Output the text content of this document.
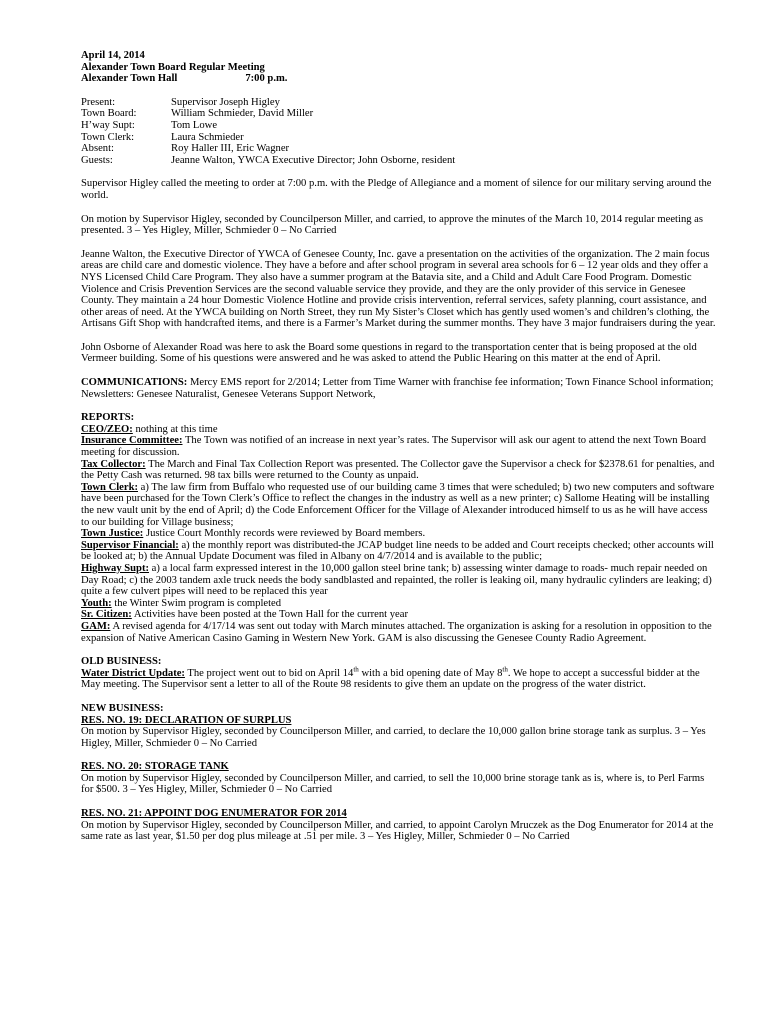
April 14, 2014

Alexander Town Board Regular Meeting

Alexander Town Hall	7:00 p.m.
Present:	Supervisor Joseph Higley
Town Board:	William Schmieder, David Miller
H’way Supt:	Tom Lowe
Town Clerk:	Laura Schmieder
Absent:	Roy Haller III, Eric Wagner
Guests:	Jeanne Walton, YWCA Executive Director; John Osborne, resident

Supervisor Higley called the meeting to order at 7:00 p.m. with the Pledge of Allegiance and a moment of silence for our military serving around the world.

On motion by Supervisor Higley, seconded by Councilperson Miller, and carried, to approve the minutes of the March 10, 2014 regular meeting as presented. 3 – Yes Higley, Miller, Schmieder 0 – No Carried

Jeanne Walton, the Executive Director of YWCA of Genesee County, Inc. gave a presentation on the activities of the organization. The 2 main focus areas are child care and domestic violence. They have a before and after school program in several area schools for 6 – 12 year olds and they offer a NYS Licensed Child Care Program. They also have a summer program at the Batavia site, and a Child and Adult Care Food Program. Domestic Violence and Crisis Prevention Services are the second valuable service they provide, and they are the only provider of this service in Genesee County. They maintain a 24 hour Domestic Violence Hotline and provide crisis intervention, referral services, safety planning, court assistance, and other areas of need. At the YWCA building on North Street, they run My Sister’s Closet which has gently used women’s and children’s clothing, the Artisans Gift Shop with handcrafted items, and there is a Farmer’s Market during the summer months. They have 3 major fundraisers during the year.

John Osborne of Alexander Road was here to ask the Board some questions in regard to the transportation center that is being proposed at the old Vermeer building. Some of his questions were answered and he was asked to attend the Public Hearing on this matter at the end of April.

COMMUNICATIONS: Mercy EMS report for 2/2014; Letter from Time Warner with franchise fee information; Town Finance School information; Newsletters: Genesee Naturalist, Genesee Veterans Support Network,

REPORTS:

CEO/ZEO: nothing at this time

Insurance Committee: The Town was notified of an increase in next year’s rates. The Supervisor will ask our agent to attend the next Town Board meeting for discussion.

Tax Collector: The March and Final Tax Collection Report was presented. The Collector gave the Supervisor a check for $2378.61 for penalties, and the Petty Cash was returned. 98 tax bills were returned to the County as unpaid.

Town Clerk: a) The law firm from Buffalo who requested use of our building came 3 times that were scheduled; b) two new computers and software have been purchased for the Town Clerk’s Office to reflect the changes in the industry as well as a new printer; c) Sallome Heating will be installing the new vault unit by the end of April; d) the Code Enforcement Officer for the Village of Alexander introduced himself to us as he will have access to our building for Village business;

Town Justice: Justice Court Monthly records were reviewed by Board members.

Supervisor Financial: a) the monthly report was distributed-the JCAP budget line needs to be added and Court receipts checked; other accounts will be looked at; b) the Annual Update Document was filed in Albany on 4/7/2014 and is available to the public;

Highway Supt: a) a local farm expressed interest in the 10,000 gallon steel brine tank; b) assessing winter damage to roads- much repair needed on Day Road; c) the 2003 tandem axle truck needs the body sandblasted and repainted, the roller is leaking oil, many hydraulic cylinders are leaking; d) quite a few culvert pipes will need to be replaced this year

Youth: the Winter Swim program is completed

Sr. Citizen: Activities have been posted at the Town Hall for the current year

GAM: A revised agenda for 4/17/14 was sent out today with March minutes attached. The organization is asking for a resolution in opposition to the expansion of Native American Casino Gaming in Western New York. GAM is also discussing the Genesee County Radio Agreement.

OLD BUSINESS:

Water District Update: The project went out to bid on April 14th with a bid opening date of May 8th. We hope to accept a successful bidder at the May meeting. The Supervisor sent a letter to all of the Route 98 residents to give them an update on the progress of the water district.

NEW BUSINESS:

RES. NO. 19: DECLARATION OF SURPLUS

On motion by Supervisor Higley, seconded by Councilperson Miller, and carried, to declare the 10,000 gallon brine storage tank as surplus. 3 – Yes Higley, Miller, Schmieder 0 – No Carried

RES. NO. 20: STORAGE TANK

On motion by Supervisor Higley, seconded by Councilperson Miller, and carried, to sell the 10,000 brine storage tank as is, where is, to Perl Farms for $500. 3 – Yes Higley, Miller, Schmieder 0 – No Carried

RES. NO. 21: APPOINT DOG ENUMERATOR FOR 2014

On motion by Supervisor Higley, seconded by Councilperson Miller, and carried, to appoint Carolyn Mruczek as the Dog Enumerator for 2014 at the same rate as last year, $1.50 per dog plus mileage at .51 per mile. 3 – Yes Higley, Miller, Schmieder 0 – No Carried
